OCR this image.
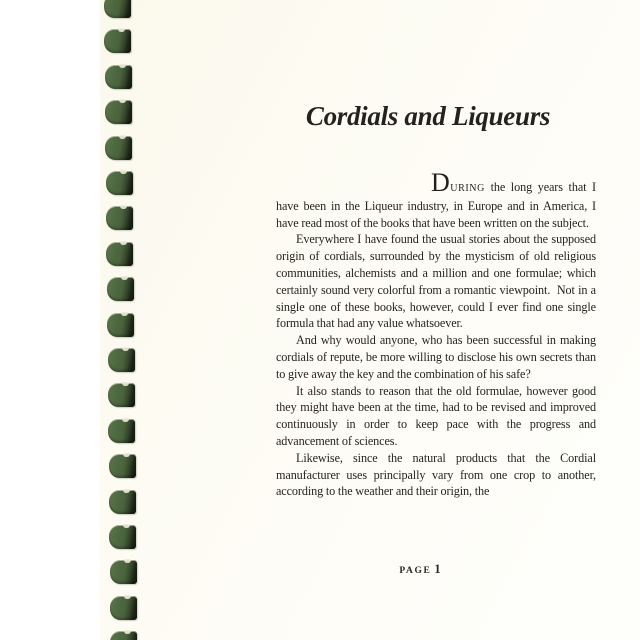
Cordials and Liqueurs

DURING the long years that I have been in the Liqueur industry, in Europe and in America, I have read most of the books that have been written on the subject.

Everywhere I have found the usual stories about the supposed origin of cordials, surrounded by the mysticism of old religious communities, alchemists and a million and one formulae; which certainly sound very colorful from a romantic viewpoint.  Not in a single one of these books, however, could I ever find one single formula that had any value whatsoever.

And why would anyone, who has been successful in making cordials of repute, be more willing to disclose his own secrets than to give away the key and the combination of his safe?

It also stands to reason that the old formulae, however good they might have been at the time, had to be revised and improved continuously in order to keep pace with the progress and advancement of sciences.

Likewise, since the natural products that the Cordial manufacturer uses principally vary from one crop to another, according to the weather and their origin, the

PAGE 1
